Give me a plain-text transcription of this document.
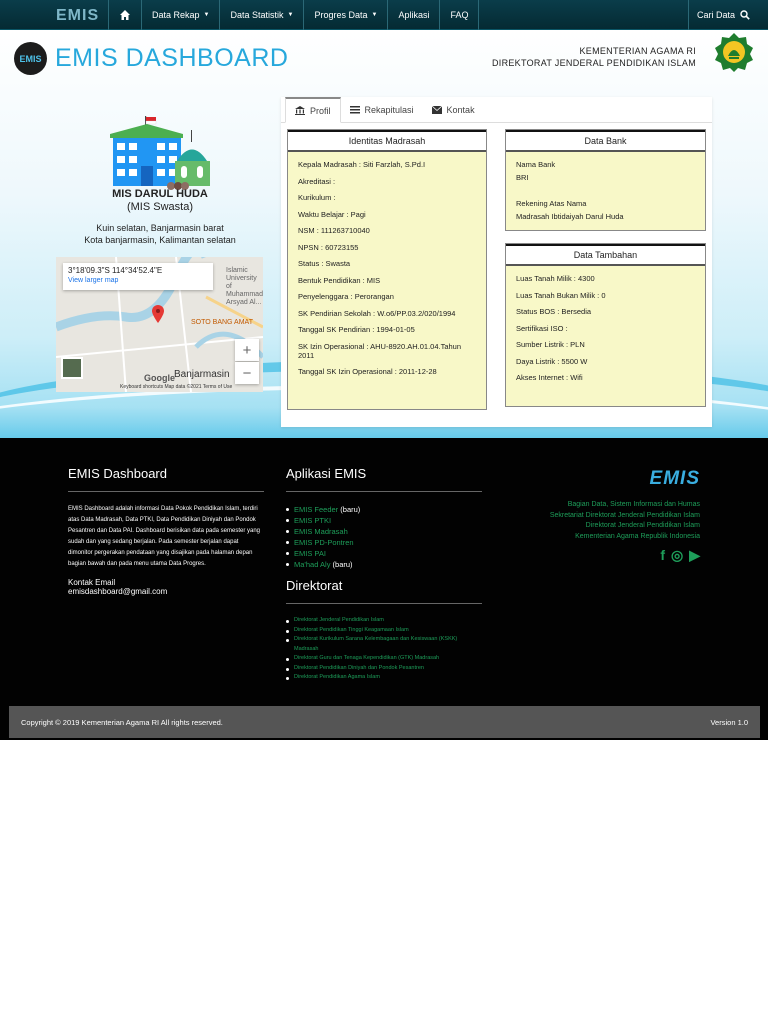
EMIS	Data Rekap ▼ Data Statistik ▼ Progres Data ▼ Aplikasi FAQ	Cari Data
EMIS EMIS DASHBOARD	KEMENTERIAN AGAMA RI
DIREKTORAT JENDERAL PENDIDIKAN ISLAM
MIS DARUL HUDA
(MIS Swasta)
Kuin selatan, Banjarmasin barat
Kota banjarmasin, Kalimantan selatan
Islamic University of Muhammad Arsyad Al...
SOTO BANG AMAT
3°18'09.3"S 114°34'52.4"E
View larger map
+
−
Banjarmasin
Google
Keyboard shortcuts Map data ©2021 Terms of Use
Profil	Rekapitulasi	Kontak
Identitas Madrasah

Kepala Madrasah : Siti Farzlah, S.Pd.I

Akreditasi :

Kurikulum :

Waktu Belajar : Pagi

NSM : 111263710040

NPSN : 60723155

Status : Swasta

Bentuk Pendidikan : MIS

Penyelenggara : Perorangan

SK Pendirian Sekolah : W.o6/PP.03.2/020/1994

Tanggal SK Pendirian : 1994-01-05

SK Izin Operasional : AHU-8920.AH.01.04.Tahun 2011

Tanggal SK Izin Operasional : 2011-12-28

Data Bank

Nama Bank

BRI

Rekening Atas Nama

Madrasah Ibtidaiyah Darul Huda

Data Tambahan

Luas Tanah Milik : 4300

Luas Tanah Bukan Milik : 0

Status BOS : Bersedia

Sertifikasi ISO :

Sumber Listrik : PLN

Daya Listrik : 5500 W

Akses Internet : Wifi

EMIS Dashboard
EMIS Dashboard adalah informasi Data Pokok Pendidikan Islam, terdiri atas Data Madrasah, Data PTKI, Data Pendidikan Diniyah dan Pondok Pesantren dan Data PAI. Dashboard berisikan data pada semester yang sudah dan yang sedang berjalan. Pada semester berjalan dapat dimonitor pergerakan pendataan yang disajikan pada halaman depan bagian bawah dan pada menu utama Data Progres.
Kontak Email
emisdashboard@gmail.com
Aplikasi EMIS
EMIS Feeder (baru)
EMIS PTKI
EMIS Madrasah
EMIS PD-Pontren
EMIS PAI
Ma'had Aly (baru)
Direktorat
Direktorat Jenderal Pendidikan Islam
Direktorat Pendidikan Tinggi Keagamaan Islam
Direktorat Kurikulum Sarana Kelembagaan dan Kesiswaan (KSKK) Madrasah
Direktorat Guru dan Tenaga Kependidikan (GTK) Madrasah
Direktorat Pendidikan Diniyah dan Pondok Pesantren
Direktorat Pendidikan Agama Islam
EMIS
Bagian Data, Sistem Informasi dan Humas
Sekretariat Direktorat Jenderal Pendidikan Islam
Direktorat Jenderal Pendidikan Islam
Kementerian Agama Republik Indonesia
f ◎ ▶
Copyright © 2019 Kementerian Agama RI All rights reserved.	Version 1.0
